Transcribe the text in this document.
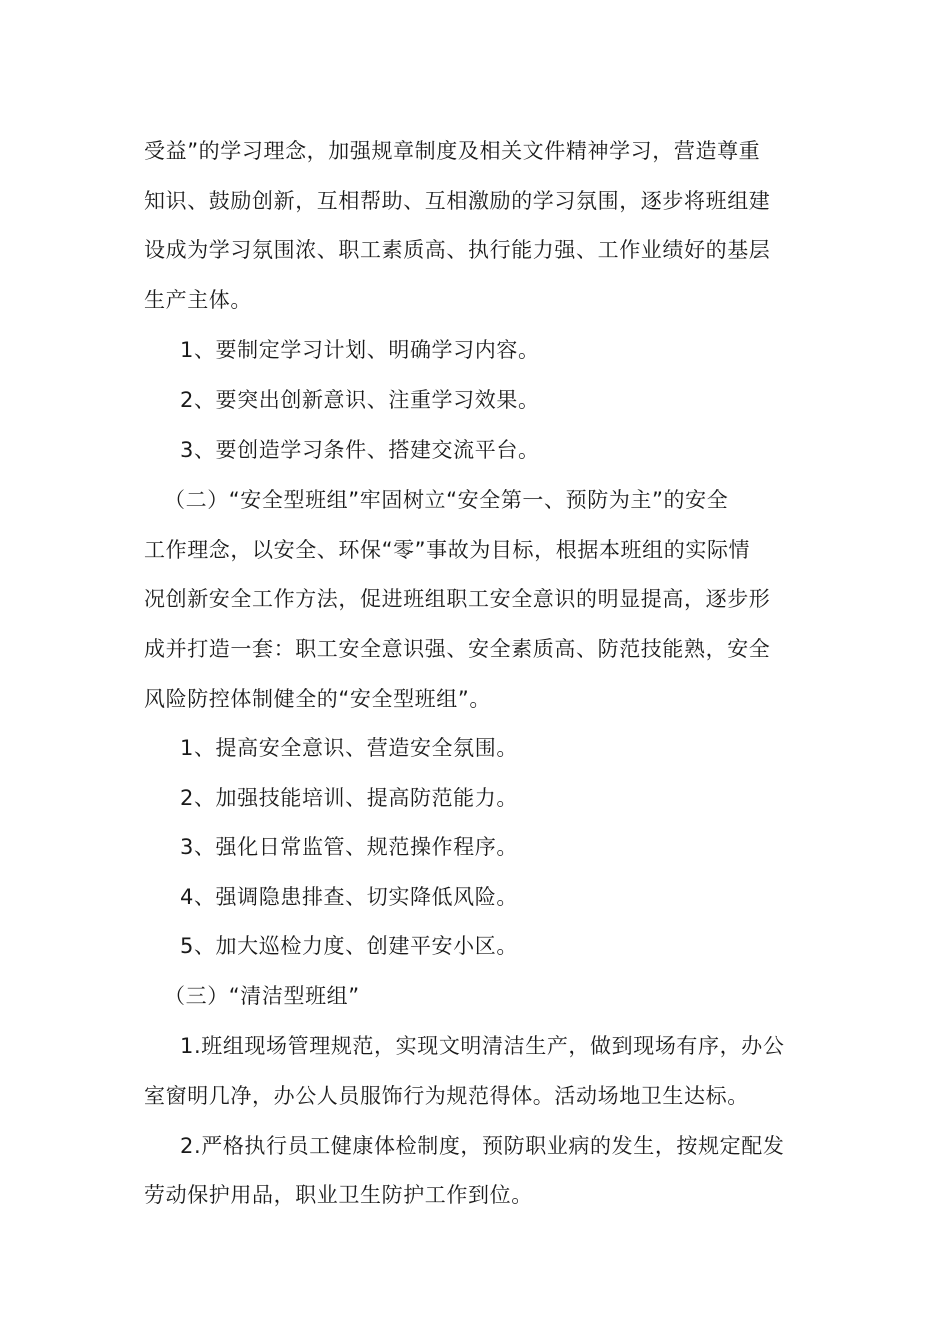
受益”的学习理念，加强规章制度及相关文件精神学习，营造尊重

知识、鼓励创新，互相帮助、互相激励的学习氛围，逐步将班组建

设成为学习氛围浓、职工素质高、执行能力强、工作业绩好的基层

生产主体。

1、要制定学习计划、明确学习内容。

2、要突出创新意识、注重学习效果。

3、要创造学习条件、搭建交流平台。

（二）“安全型班组”牢固树立“安全第一、预防为主”的安全

工作理念，以安全、环保“零”事故为目标，根据本班组的实际情

况创新安全工作方法，促进班组职工安全意识的明显提高，逐步形

成并打造一套：职工安全意识强、安全素质高、防范技能熟，安全

风险防控体制健全的“安全型班组”。

1、提高安全意识、营造安全氛围。

2、加强技能培训、提高防范能力。

3、强化日常监管、规范操作程序。

4、强调隐患排查、切实降低风险。

5、加大巡检力度、创建平安小区。

（三）“清洁型班组”

1.班组现场管理规范，实现文明清洁生产，做到现场有序，办公

室窗明几净，办公人员服饰行为规范得体。活动场地卫生达标。

2.严格执行员工健康体检制度，预防职业病的发生，按规定配发

劳动保护用品，职业卫生防护工作到位。
